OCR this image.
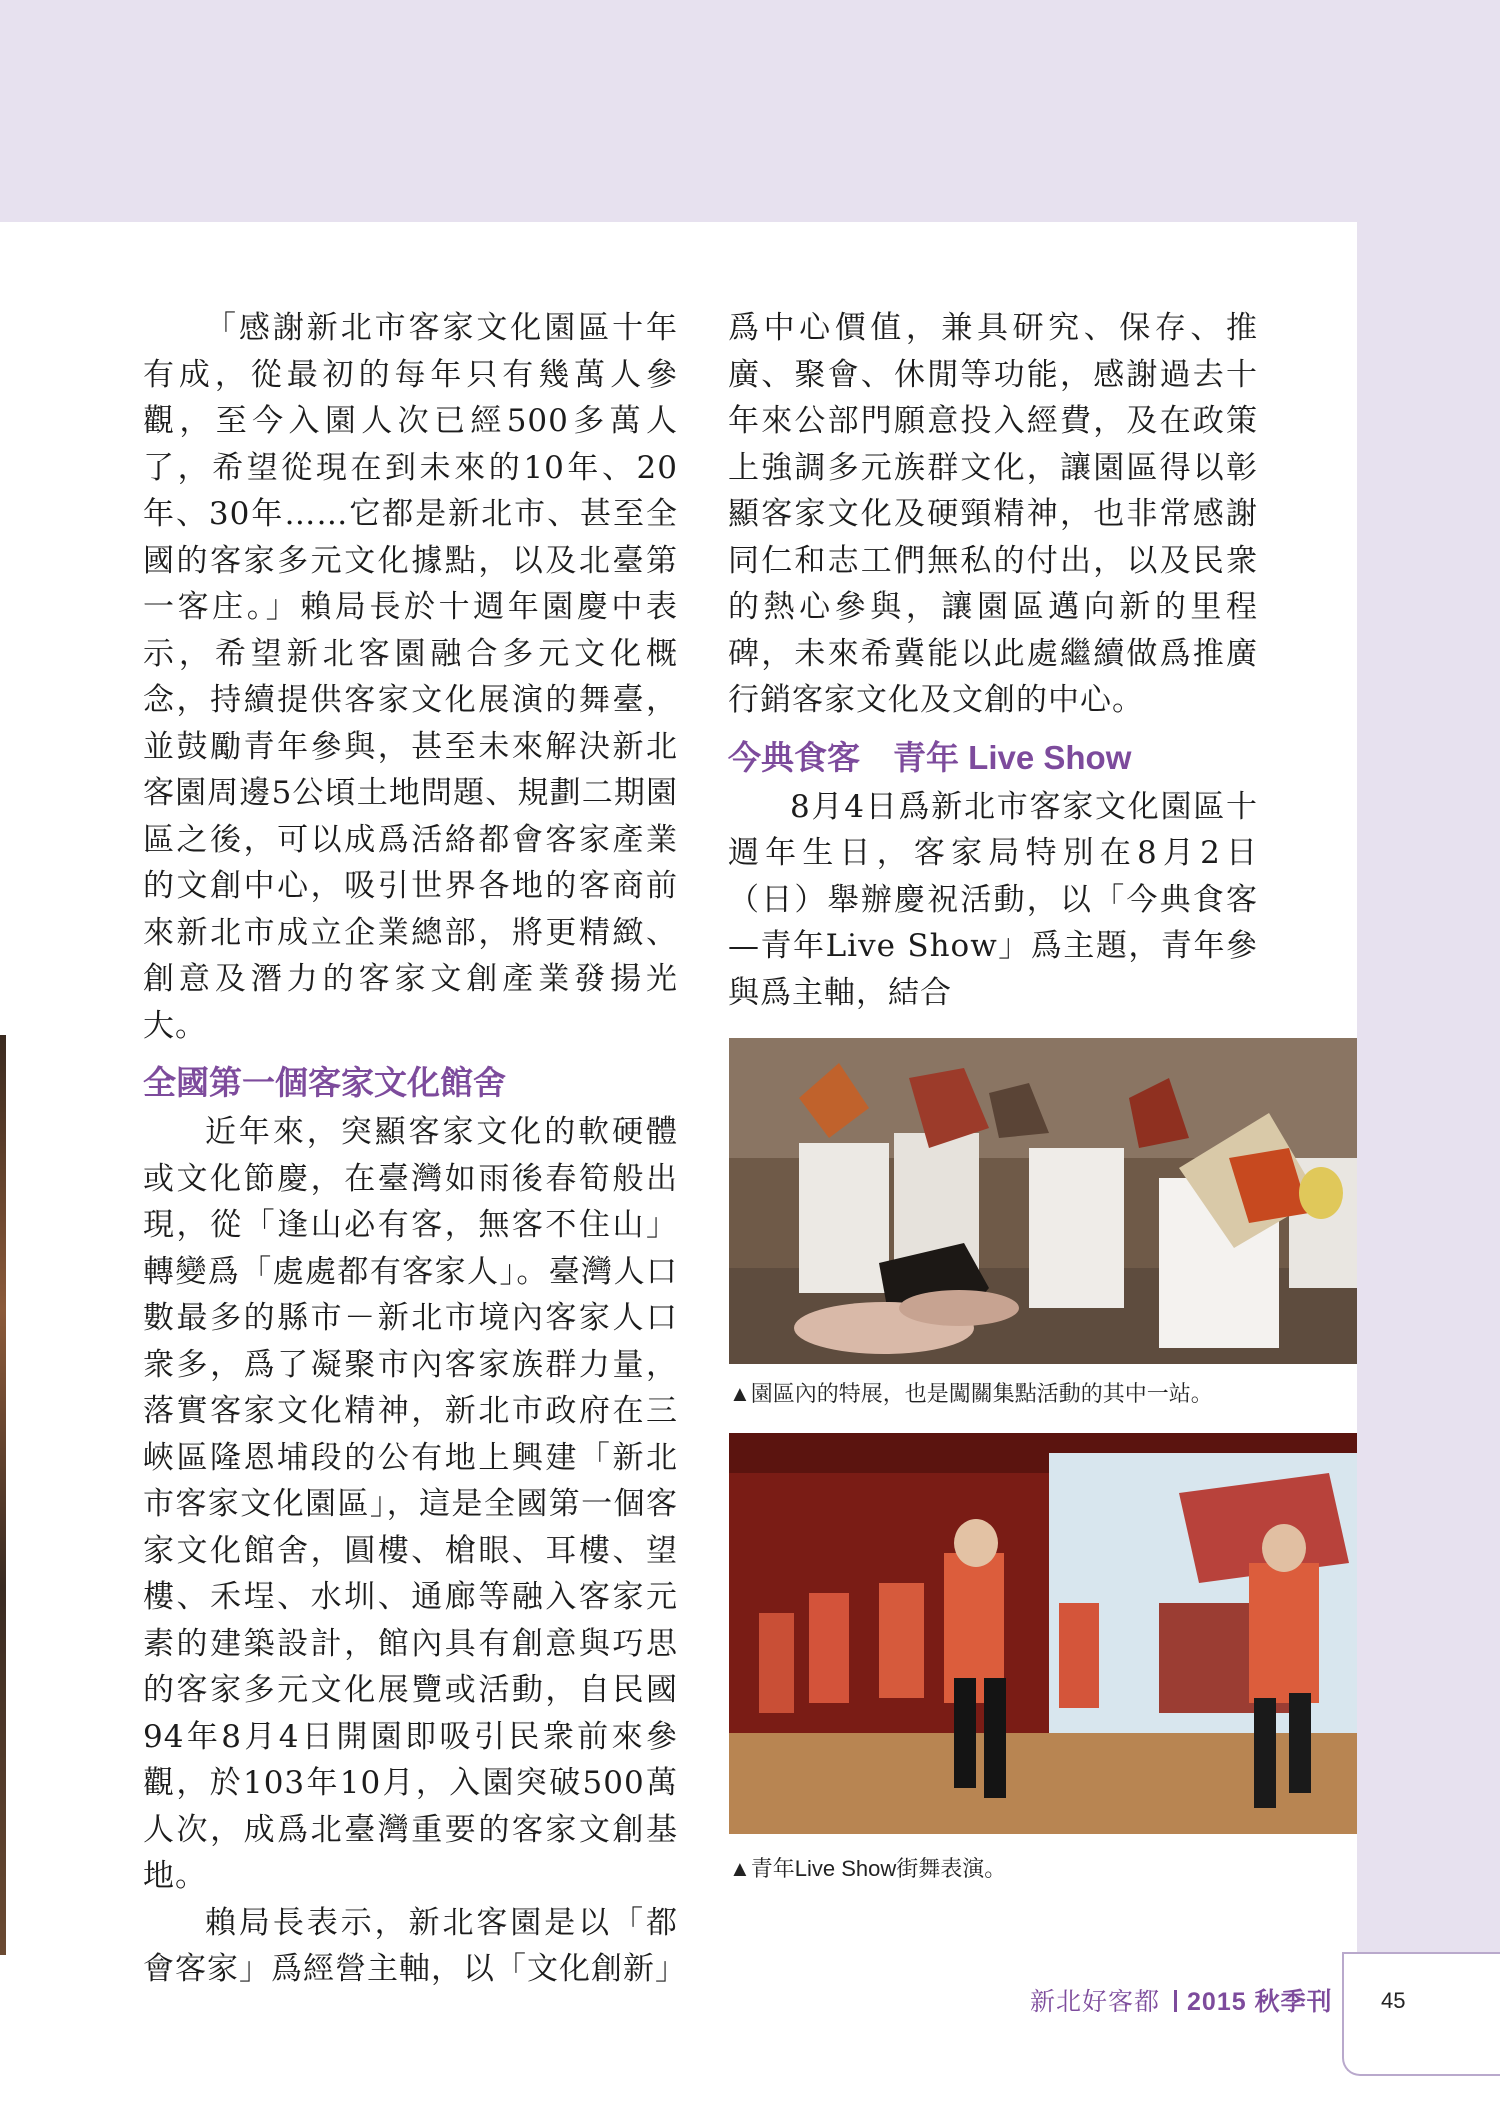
「感謝新北市客家文化園區十年有成，從最初的每年只有幾萬人參觀，至今入園人次已經500多萬人了，希望從現在到未來的10年、20年、30年……它都是新北市、甚至全國的客家多元文化據點，以及北臺第一客庄。」賴局長於十週年園慶中表示，希望新北客園融合多元文化概念，持續提供客家文化展演的舞臺，並鼓勵青年參與，甚至未來解決新北客園周邊5公頃土地問題、規劃二期園區之後，可以成爲活絡都會客家產業的文創中心，吸引世界各地的客商前來新北市成立企業總部，將更精緻、創意及潛力的客家文創產業發揚光大。

全國第一個客家文化館舍

近年來，突顯客家文化的軟硬體或文化節慶，在臺灣如雨後春筍般出現，從「逢山必有客，無客不住山」轉變爲「處處都有客家人」。臺灣人口數最多的縣市－新北市境內客家人口衆多，爲了凝聚市內客家族群力量，落實客家文化精神，新北市政府在三峽區隆恩埔段的公有地上興建「新北市客家文化園區」，這是全國第一個客家文化館舍，圓樓、槍眼、耳樓、望樓、禾埕、水圳、通廊等融入客家元素的建築設計，館內具有創意與巧思的客家多元文化展覽或活動，自民國94年8月4日開園即吸引民衆前來參觀，於103年10月，入園突破500萬人次，成爲北臺灣重要的客家文創基地。

賴局長表示，新北客園是以「都會客家」爲經營主軸，以「文化創新」

爲中心價值，兼具研究、保存、推廣、聚會、休閒等功能，感謝過去十年來公部門願意投入經費，及在政策上強調多元族群文化，讓園區得以彰顯客家文化及硬頸精神，也非常感謝同仁和志工們無私的付出，以及民衆的熱心參與，讓園區邁向新的里程碑，未來希冀能以此處繼續做爲推廣行銷客家文化及文創的中心。

今典食客　青年 Live Show

8月4日爲新北市客家文化園區十週年生日，客家局特別在8月2日（日）舉辦慶祝活動，以「今典食客—青年Live Show」爲主題，青年參與爲主軸，結合

▲園區內的特展，也是闖關集點活動的其中一站。
▲青年Live Show街舞表演。
新北好客都 2015 秋季刊 45
